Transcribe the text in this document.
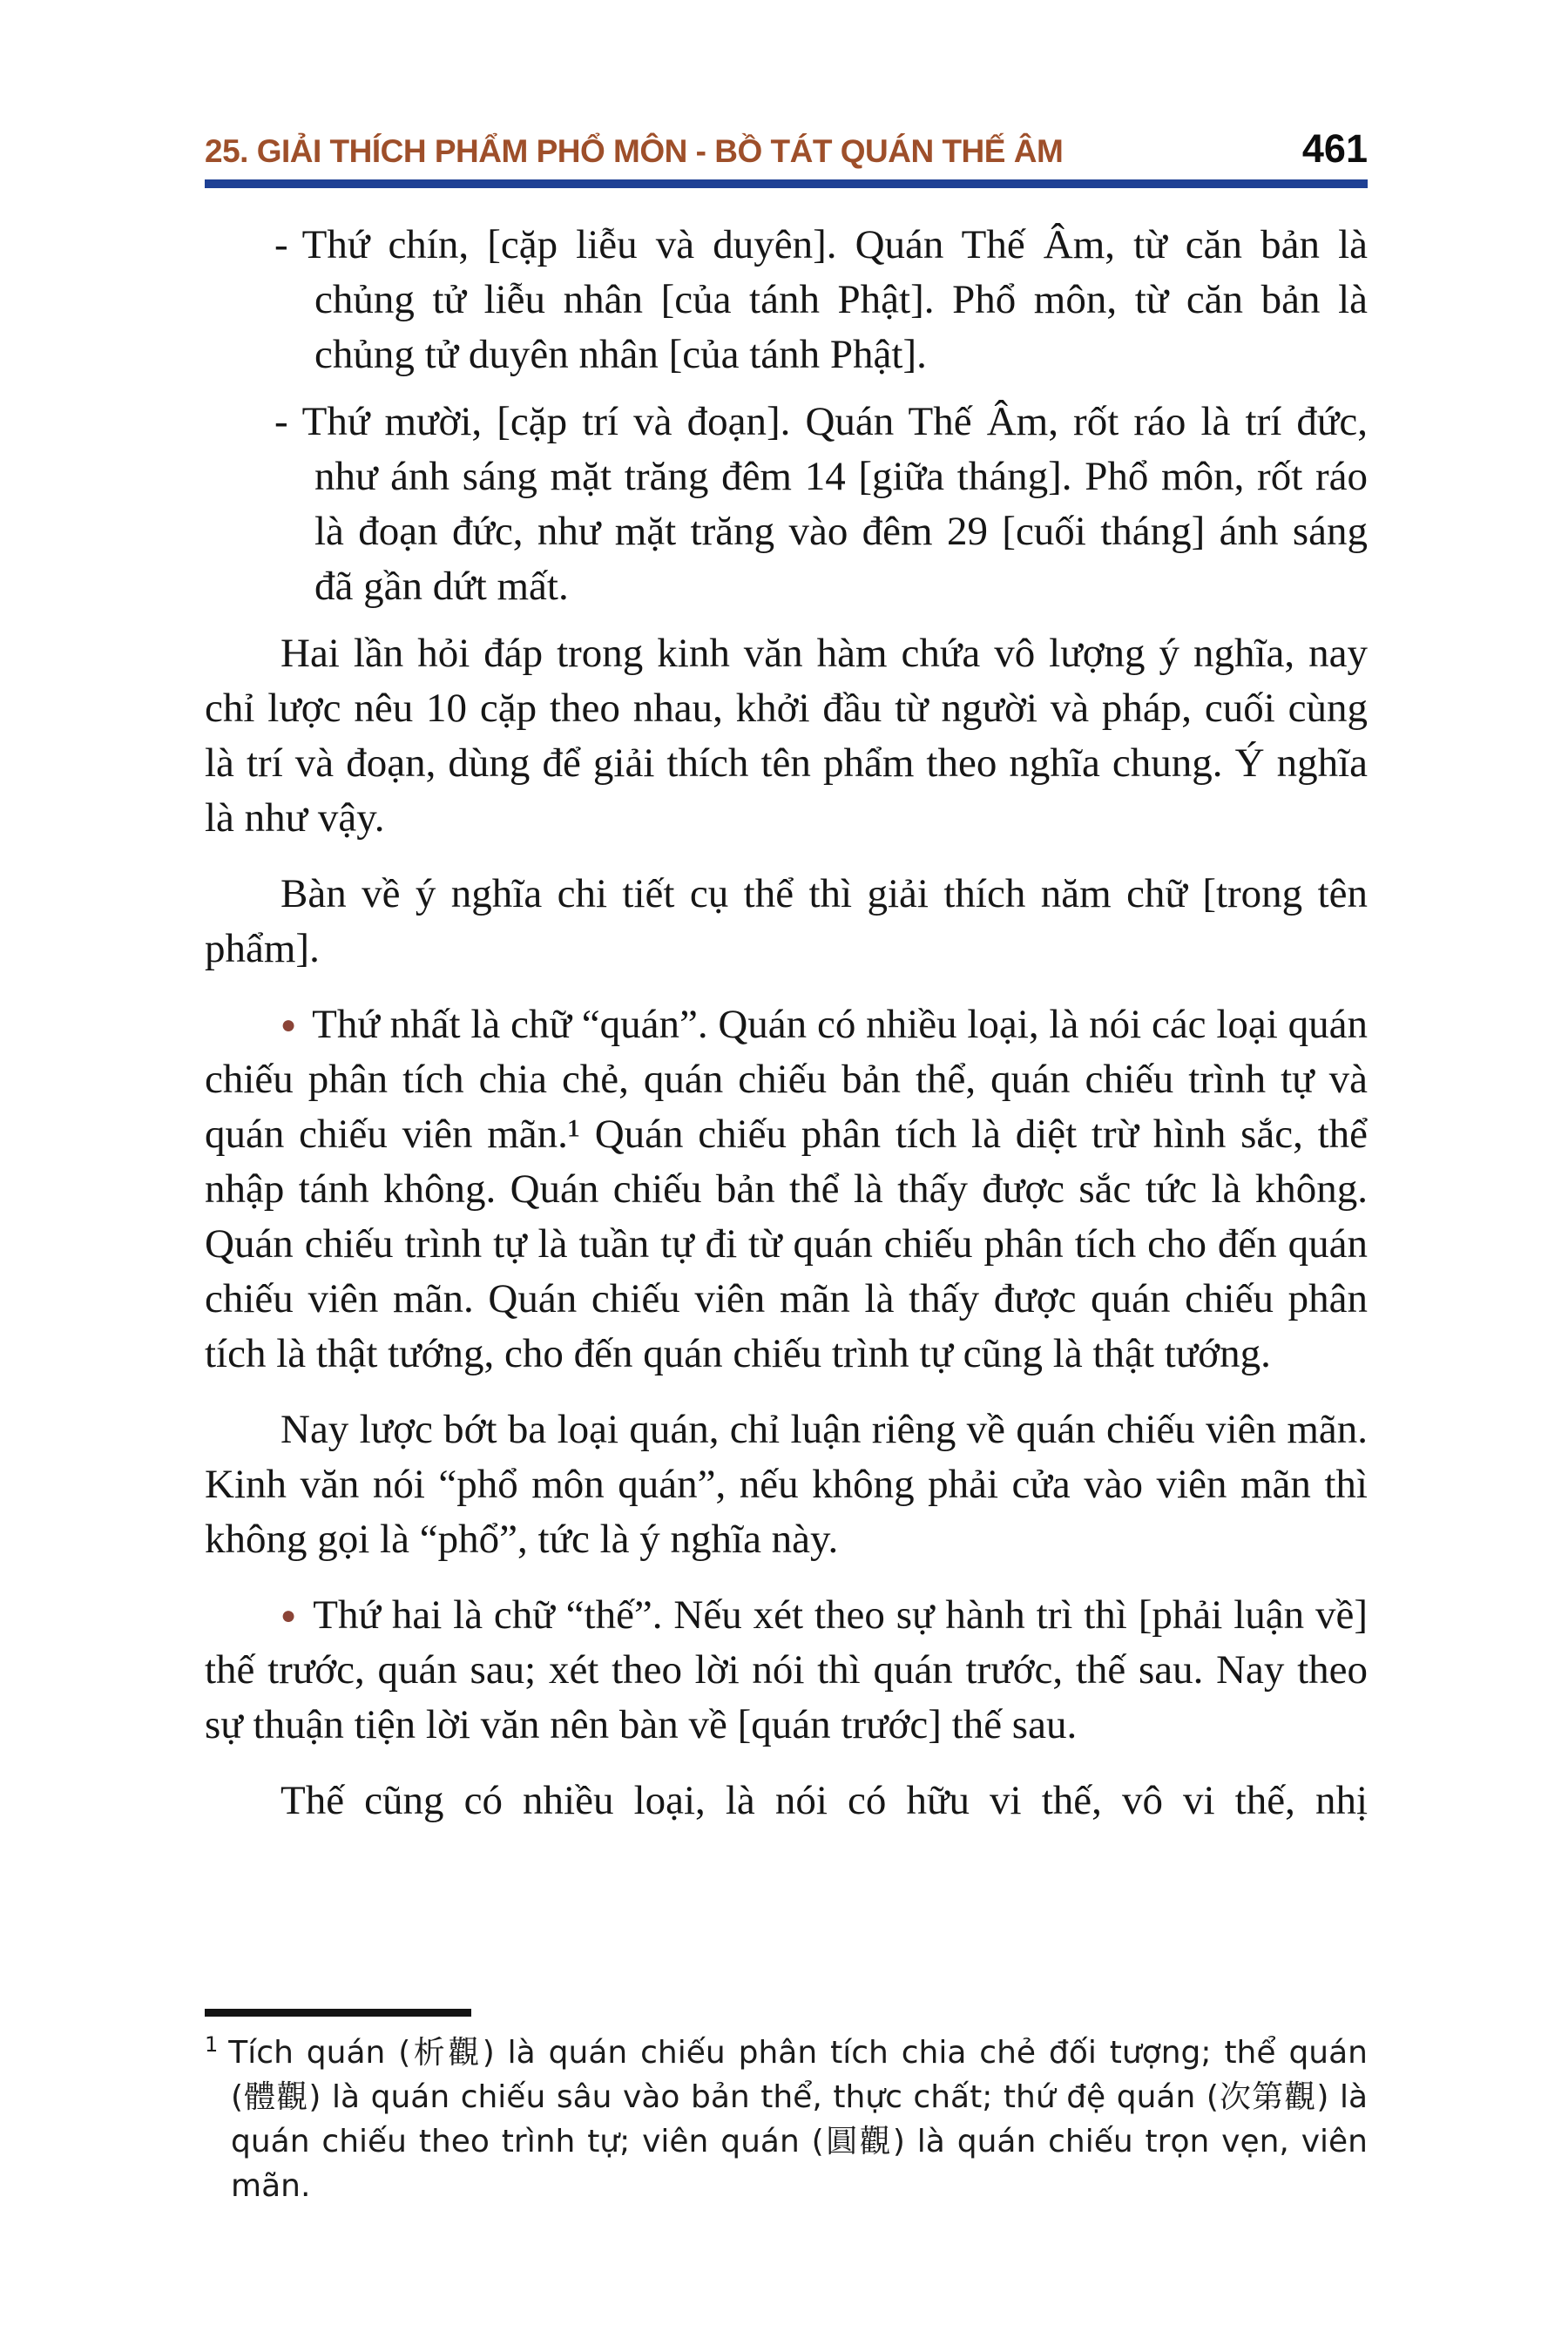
25. GIẢI THÍCH PHẨM PHỔ MÔN - BỒ TÁT QUÁN THẾ ÂM	461

- Thứ chín, [cặp liễu và duyên]. Quán Thế Âm, từ căn bản là chủng tử liễu nhân [của tánh Phật]. Phổ môn, từ căn bản là chủng tử duyên nhân [của tánh Phật].

- Thứ mười, [cặp trí và đoạn]. Quán Thế Âm, rốt ráo là trí đức, như ánh sáng mặt trăng đêm 14 [giữa tháng]. Phổ môn, rốt ráo là đoạn đức, như mặt trăng vào đêm 29 [cuối tháng] ánh sáng đã gần dứt mất.

Hai lần hỏi đáp trong kinh văn hàm chứa vô lượng ý nghĩa, nay chỉ lược nêu 10 cặp theo nhau, khởi đầu từ người và pháp, cuối cùng là trí và đoạn, dùng để giải thích tên phẩm theo nghĩa chung. Ý nghĩa là như vậy.

Bàn về ý nghĩa chi tiết cụ thể thì giải thích năm chữ [trong tên phẩm].

● Thứ nhất là chữ “quán”. Quán có nhiều loại, là nói các loại quán chiếu phân tích chia chẻ, quán chiếu bản thể, quán chiếu trình tự và quán chiếu viên mãn.¹ Quán chiếu phân tích là diệt trừ hình sắc, thể nhập tánh không. Quán chiếu bản thể là thấy được sắc tức là không. Quán chiếu trình tự là tuần tự đi từ quán chiếu phân tích cho đến quán chiếu viên mãn. Quán chiếu viên mãn là thấy được quán chiếu phân tích là thật tướng, cho đến quán chiếu trình tự cũng là thật tướng.

Nay lược bớt ba loại quán, chỉ luận riêng về quán chiếu viên mãn. Kinh văn nói “phổ môn quán”, nếu không phải cửa vào viên mãn thì không gọi là “phổ”, tức là ý nghĩa này.

● Thứ hai là chữ “thế”. Nếu xét theo sự hành trì thì [phải luận về] thế trước, quán sau; xét theo lời nói thì quán trước, thế sau. Nay theo sự thuận tiện lời văn nên bàn về [quán trước] thế sau.

Thế cũng có nhiều loại, là nói có hữu vi thế, vô vi thế, nhị

$^1$ Tích quán (析觀) là quán chiếu phân tích chia chẻ đối tượng; thể quán (體觀) là quán chiếu sâu vào bản thể, thực chất; thứ đệ quán (次第觀) là quán chiếu theo trình tự; viên quán (圓觀) là quán chiếu trọn vẹn, viên mãn.
